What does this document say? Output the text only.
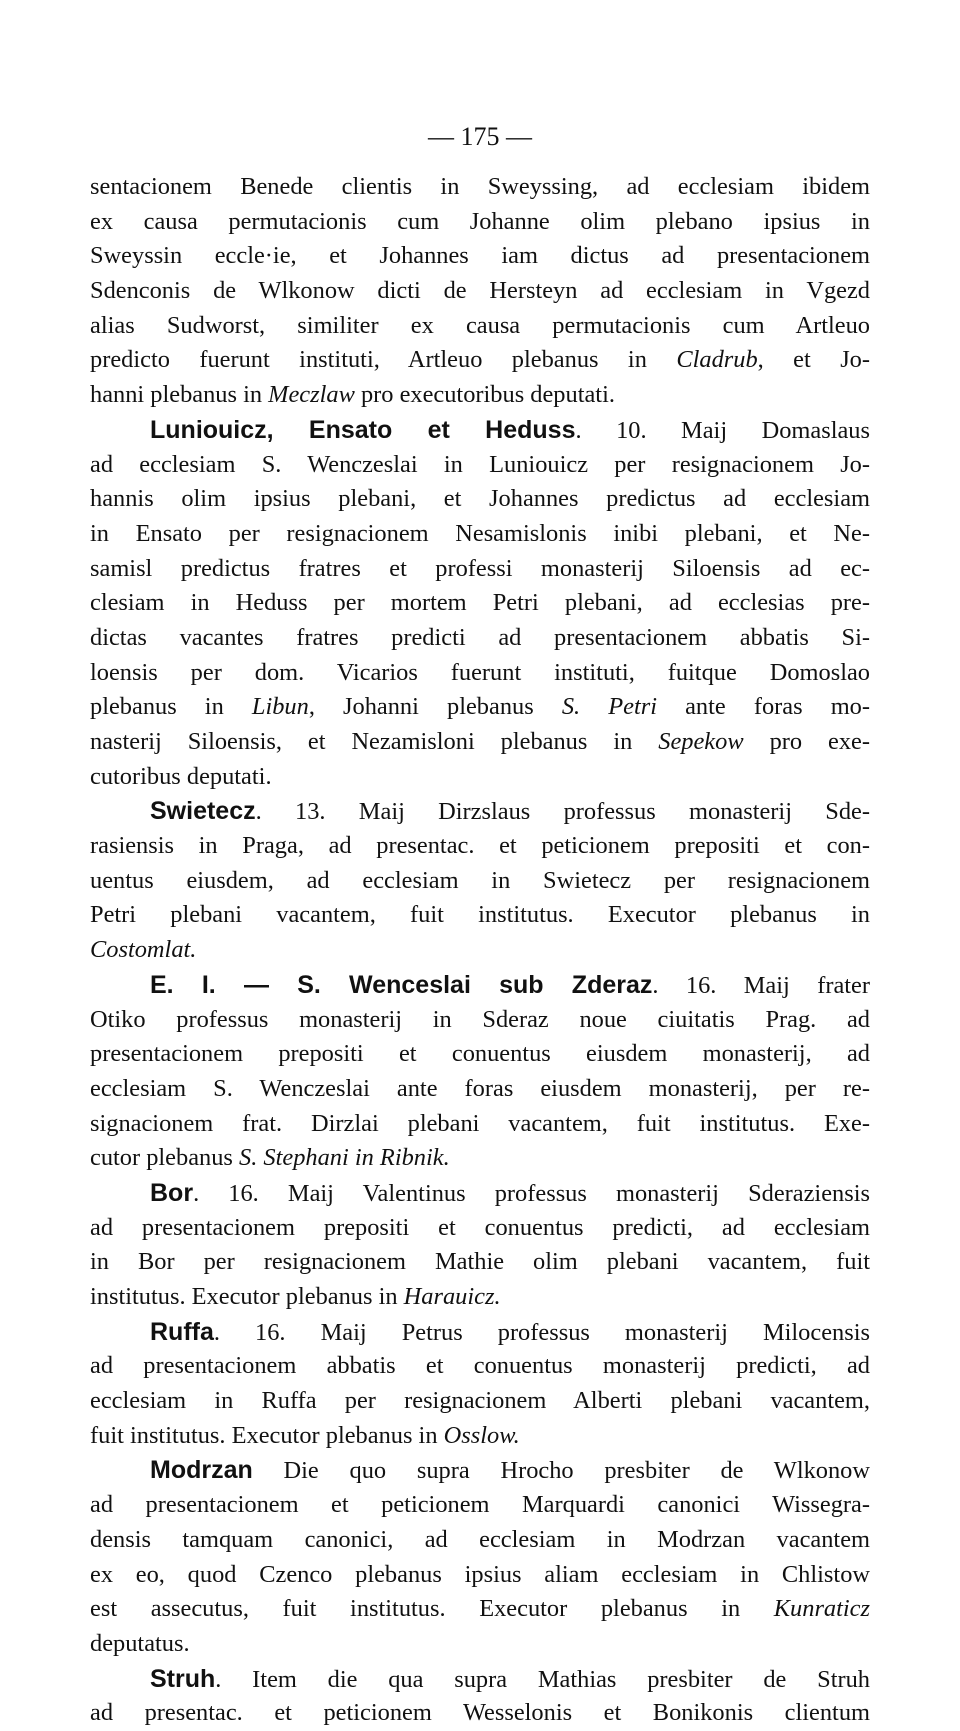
— 175 —
sentacionem Benede clientis in Sweyssing, ad ecclesiam ibidem
ex causa permutacionis cum Johanne olim plebano ipsius in
Sweyssin eccle·ie, et Johannes iam dictus ad presentacionem
Sdenconis de Wlkonow dicti de Hersteyn ad ecclesiam in Vgezd
alias Sudworst, similiter ex causa permutacionis cum Artleuo
predicto fuerunt instituti, Artleuo plebanus in Cladrub, et Jo-
hanni plebanus in Meczlaw pro executoribus deputati.
Luniouicz, Ensato et Heduss. 10. Maij Domaslaus
ad ecclesiam S. Wenczeslai in Luniouicz per resignacionem Jo-
hannis olim ipsius plebani, et Johannes predictus ad ecclesiam
in Ensato per resignacionem Nesamislonis inibi plebani, et Ne-
samisl predictus fratres et professi monasterij Siloensis ad ec-
clesiam in Heduss per mortem Petri plebani, ad ecclesias pre-
dictas vacantes fratres predicti ad presentacionem abbatis Si-
loensis per dom. Vicarios fuerunt instituti, fuitque Domoslao
plebanus in Libun, Johanni plebanus S. Petri ante foras mo-
nasterij Siloensis, et Nezamisloni plebanus in Sepekow pro exe-
cutoribus deputati.
Swietecz. 13. Maij Dirzslaus professus monasterij Sde-
rasiensis in Praga, ad presentac. et peticionem prepositi et con-
uentus eiusdem, ad ecclesiam in Swietecz per resignacionem
Petri plebani vacantem, fuit institutus. Executor plebanus in
Costomlat.
E. I. — S. Wenceslai sub Zderaz. 16. Maij frater
Otiko professus monasterij in Sderaz noue ciuitatis Prag. ad
presentacionem prepositi et conuentus eiusdem monasterij, ad
ecclesiam S. Wenczeslai ante foras eiusdem monasterij, per re-
signacionem frat. Dirzlai plebani vacantem, fuit institutus. Exe-
cutor plebanus S. Stephani in Ribnik.
Bor. 16. Maij Valentinus professus monasterij Sderaziensis
ad presentacionem prepositi et conuentus predicti, ad ecclesiam
in Bor per resignacionem Mathie olim plebani vacantem, fuit
institutus. Executor plebanus in Harauicz.
Ruffa. 16. Maij Petrus professus monasterij Milocensis
ad presentacionem abbatis et conuentus monasterij predicti, ad
ecclesiam in Ruffa per resignacionem Alberti plebani vacantem,
fuit institutus. Executor plebanus in Osslow.
Modrzan Die quo supra Hrocho presbiter de Wlkonow
ad presentacionem et peticionem Marquardi canonici Wissegra-
densis tamquam canonici, ad ecclesiam in Modrzan vacantem
ex eo, quod Czenco plebanus ipsius aliam ecclesiam in Chlistow
est assecutus, fuit institutus. Executor plebanus in Kunraticz
deputatus.
Struh. Item die qua supra Mathias presbiter de Struh
ad presentac. et peticionem Wesselonis et Bonikonis clientum
